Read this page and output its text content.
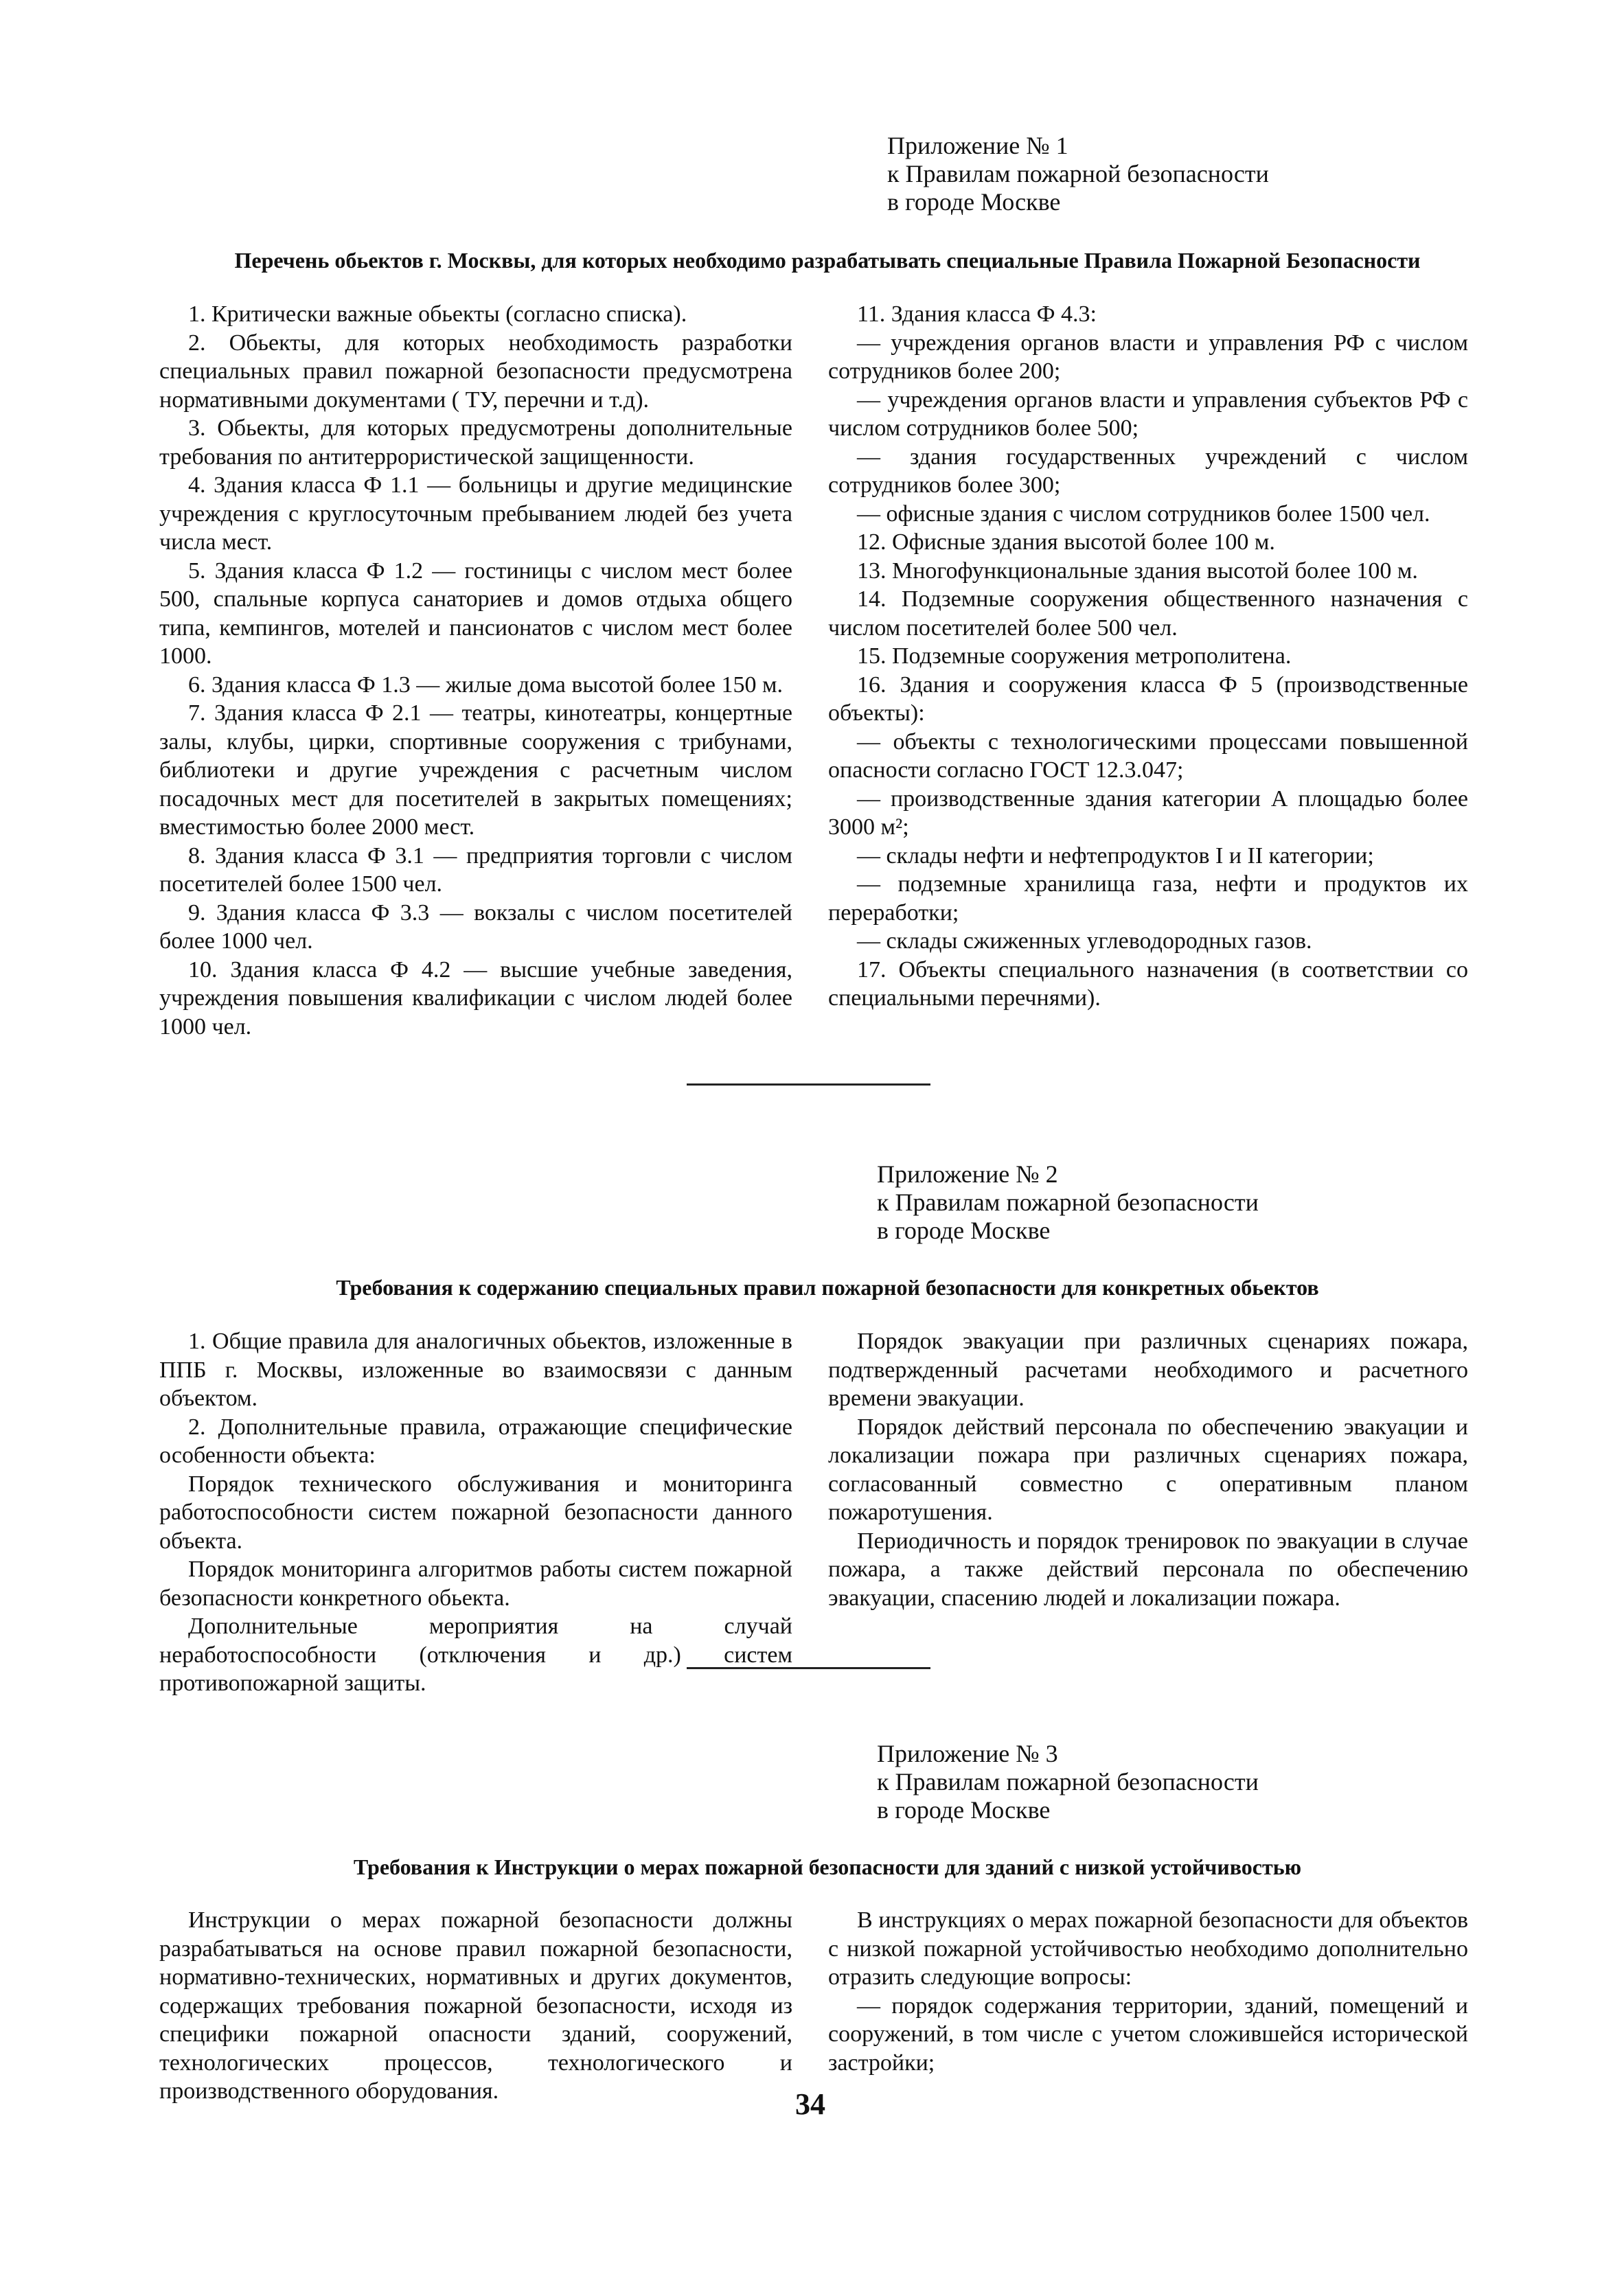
Приложение № 1
к Правилам пожарной безопасности
в городе Москве
Перечень обьектов г. Москвы, для которых необходимо разрабатывать специальные Правила Пожарной Безопасности

1. Критически важные обьекты (согласно списка).

2. Обьекты, для которых необходимость разработки специальных правил пожарной безопасности предусмотрена нормативными документами ( ТУ, перечни и т.д).

3. Обьекты, для которых предусмотрены дополнительные требования по антитеррористической защищенности.

4. Здания класса Ф 1.1 — больницы и другие медицинские учреждения с круглосуточным пребыванием людей без учета числа мест.

5. Здания класса Ф 1.2 — гостиницы с числом мест более 500, спальные корпуса санаториев и домов отдыха общего типа, кемпингов, мотелей и пансионатов с числом мест более 1000.

6. Здания класса Ф 1.3 — жилые дома высотой более 150 м.

7. Здания класса Ф 2.1 — театры, кинотеатры, концертные залы, клубы, цирки, спортивные сооружения с трибунами, библиотеки и другие учреждения с расчетным числом посадочных мест для посетителей в закрытых помещениях; вместимостью более 2000 мест.

8. Здания класса Ф 3.1 — предприятия торговли с числом посетителей более 1500 чел.

9. Здания класса Ф 3.3 — вокзалы с числом посетителей более 1000 чел.

10. Здания класса Ф 4.2 — высшие учебные заведения, учреждения повышения квалификации с числом людей более 1000 чел.

11. Здания класса Ф 4.3:

— учреждения органов власти и управления РФ с числом сотрудников более 200;

— учреждения органов власти и управления субъектов РФ с числом сотрудников более 500;

— здания государственных учреждений с числом сотрудников более 300;

— офисные здания с числом сотрудников более 1500 чел.

12. Офисные здания высотой более 100 м.

13. Многофункциональные здания высотой более 100 м.

14. Подземные сооружения общественного назначения с числом посетителей более 500 чел.

15. Подземные сооружения метрополитена.

16. Здания и сооружения класса Ф 5 (производственные объекты):

— объекты с технологическими процессами повышенной опасности согласно ГОСТ 12.3.047;

— производственные здания категории А площадью более 3000 м²;

— склады нефти и нефтепродуктов I и II категории;

— подземные хранилища газа, нефти и продуктов их переработки;

— склады сжиженных углеводородных газов.

17. Объекты специального назначения (в соответствии со специальными перечнями).

Приложение № 2
к Правилам пожарной безопасности
в городе Москве
Требования к содержанию специальных правил пожарной безопасности для конкретных обьектов

1. Общие правила для аналогичных обьектов, изложенные в ППБ г. Москвы, изложенные во взаимосвязи с данным объектом.

2. Дополнительные правила, отражающие специфические особенности объекта:

Порядок технического обслуживания и мониторинга работоспособности систем пожарной безопасности данного объекта.

Порядок мониторинга алгоритмов работы систем пожарной безопасности конкретного обьекта.

Дополнительные мероприятия на случай неработоспособности (отключения и др.) систем противопожарной защиты.

Порядок эвакуации при различных сценариях пожара, подтвержденный расчетами необходимого и расчетного времени эвакуации.

Порядок действий персонала по обеспечению эвакуации и локализации пожара при различных сценариях пожара, согласованный совместно с оперативным планом пожаротушения.

Периодичность и порядок тренировок по эвакуации в случае пожара, а также действий персонала по обеспечению эвакуации, спасению людей и локализации пожара.

Приложение № 3
к Правилам пожарной безопасности
в городе Москве
Требования к Инструкции о мерах пожарной безопасности для зданий с низкой устойчивостью

Инструкции о мерах пожарной безопасности должны разрабатываться на основе правил пожарной безопасности, нормативно-технических, нормативных и других документов, содержащих требования пожарной безопасности, исходя из специфики пожарной опасности зданий, сооружений, технологических процессов, технологического и производственного оборудования.

В инструкциях о мерах пожарной безопасности для объектов с низкой пожарной устойчивостью необходимо дополнительно отразить следующие вопросы:

— порядок содержания территории, зданий, помещений и сооружений, в том числе с учетом сложившейся исторической застройки;

34
